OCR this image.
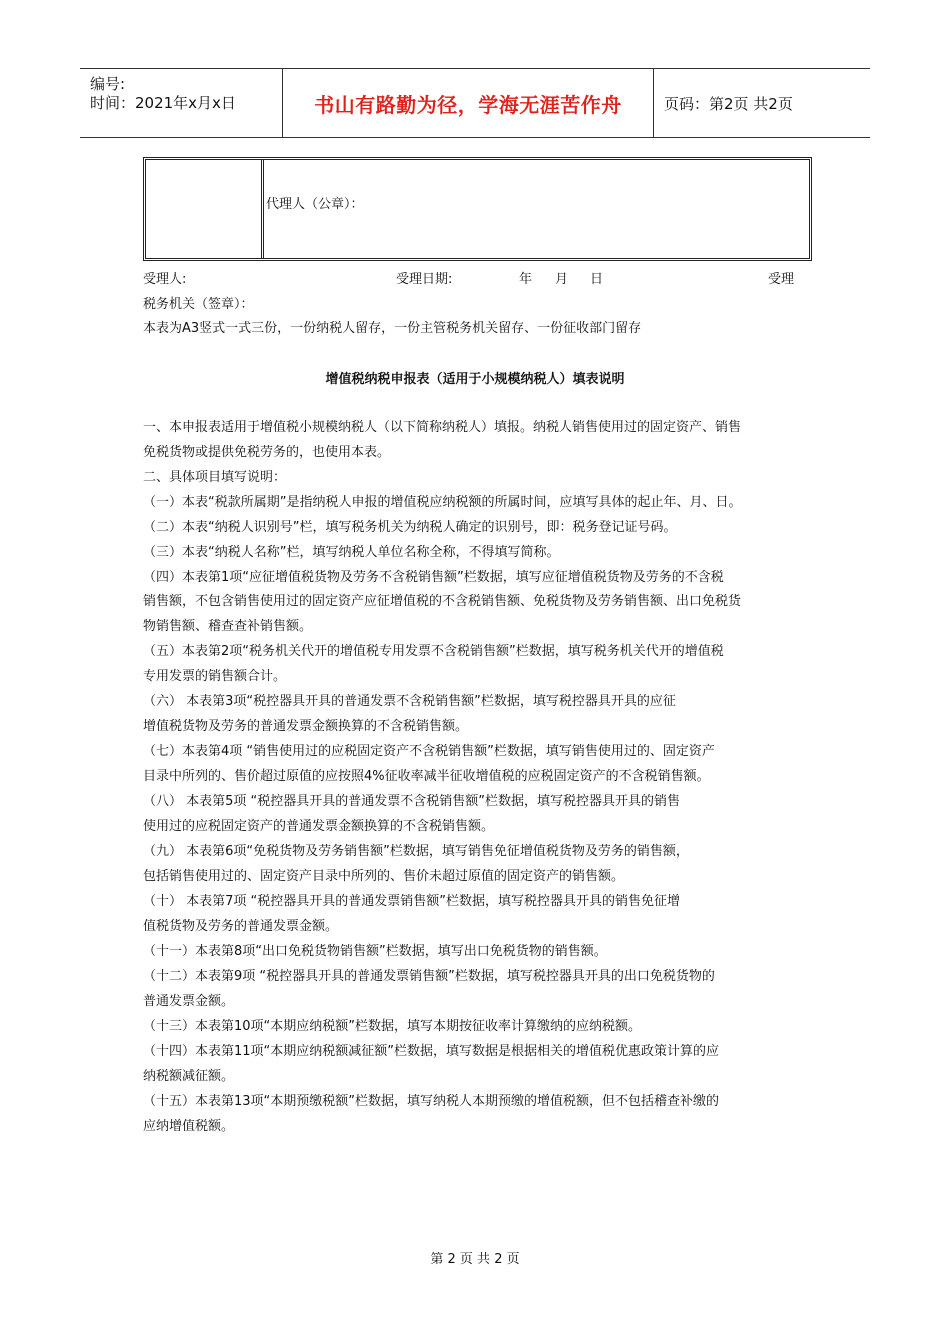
编号:
时间：2021年x月x日	书山有路勤为径，学海无涯苦作舟	页码：第2页 共2页
代理人（公章）：
受理人:	受理日期:	年 月 日	受理
税务机关（签章）：
本表为A3竖式一式三份，一份纳税人留存，一份主管税务机关留存、一份征收部门留存
增值税纳税申报表（适用于小规模纳税人）填表说明
一、本申报表适用于增值税小规模纳税人（以下简称纳税人）填报。纳税人销售使用过的固定资产、销售
免税货物或提供免税劳务的，也使用本表。
二、具体项目填写说明：
（一）本表“税款所属期”是指纳税人申报的增值税应纳税额的所属时间，应填写具体的起止年、月、日。
（二）本表“纳税人识别号”栏，填写税务机关为纳税人确定的识别号，即：税务登记证号码。
（三）本表“纳税人名称”栏，填写纳税人单位名称全称，不得填写简称。
（四）本表第1项“应征增值税货物及劳务不含税销售额”栏数据，填写应征增值税货物及劳务的不含税
销售额，不包含销售使用过的固定资产应征增值税的不含税销售额、免税货物及劳务销售额、出口免税货
物销售额、稽查查补销售额。
（五）本表第2项“税务机关代开的增值税专用发票不含税销售额”栏数据，填写税务机关代开的增值税
专用发票的销售额合计。
（六） 本表第3项“税控器具开具的普通发票不含税销售额”栏数据，填写税控器具开具的应征
增值税货物及劳务的普通发票金额换算的不含税销售额。
（七）本表第4项 “销售使用过的应税固定资产不含税销售额”栏数据，填写销售使用过的、固定资产
目录中所列的、售价超过原值的应按照4%征收率减半征收增值税的应税固定资产的不含税销售额。
（八） 本表第5项 “税控器具开具的普通发票不含税销售额”栏数据，填写税控器具开具的销售
使用过的应税固定资产的普通发票金额换算的不含税销售额。
（九） 本表第6项“免税货物及劳务销售额”栏数据，填写销售免征增值税货物及劳务的销售额，
包括销售使用过的、固定资产目录中所列的、售价未超过原值的固定资产的销售额。
（十） 本表第7项 “税控器具开具的普通发票销售额”栏数据，填写税控器具开具的销售免征增
值税货物及劳务的普通发票金额。
（十一）本表第8项“出口免税货物销售额”栏数据，填写出口免税货物的销售额。
（十二）本表第9项 “税控器具开具的普通发票销售额”栏数据，填写税控器具开具的出口免税货物的
普通发票金额。
（十三）本表第10项“本期应纳税额”栏数据，填写本期按征收率计算缴纳的应纳税额。
（十四）本表第11项“本期应纳税额减征额”栏数据，填写数据是根据相关的增值税优惠政策计算的应
纳税额减征额。
（十五）本表第13项“本期预缴税额”栏数据，填写纳税人本期预缴的增值税额，但不包括稽查补缴的
应纳增值税额。
第 2 页 共 2 页
